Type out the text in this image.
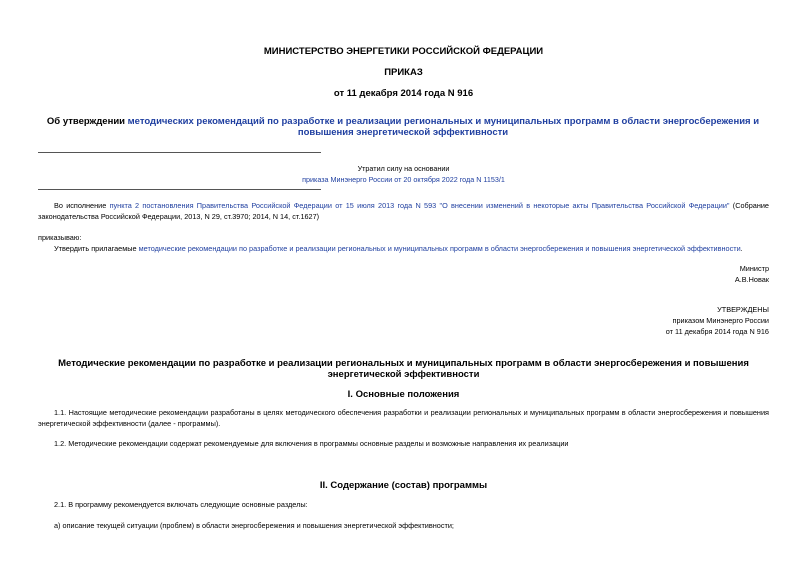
МИНИСТЕРСТВО ЭНЕРГЕТИКИ РОССИЙСКОЙ ФЕДЕРАЦИИ
ПРИКАЗ
от 11 декабря 2014 года N 916
Об утверждении методических рекомендаций по разработке и реализации региональных и муниципальных программ в области энергосбережения и повышения энергетической эффективности
Утратил силу на основании
приказа Минэнерго России от 20 октября 2022 года N 1153/1
Во исполнение пункта 2 постановления Правительства Российской Федерации от 15 июля 2013 года N 593 "О внесении изменений в некоторые акты Правительства Российской Федерации" (Собрание законодательства Российской Федерации, 2013, N 29, ст.3970; 2014, N 14, ст.1627)
приказываю:
Утвердить прилагаемые методические рекомендации по разработке и реализации региональных и муниципальных программ в области энергосбережения и повышения энергетической эффективности.
Министр
А.В.Новак
УТВЕРЖДЕНЫ
приказом Минэнерго России
от 11 декабря 2014 года N 916
Методические рекомендации по разработке и реализации региональных и муниципальных программ в области энергосбережения и повышения энергетической эффективности
I. Основные положения
1.1. Настоящие методические рекомендации разработаны в целях методического обеспечения разработки и реализации региональных и муниципальных программ в области энергосбережения и повышения энергетической эффективности (далее - программы).
1.2. Методические рекомендации содержат рекомендуемые для включения в программы основные разделы и возможные направления их реализации
II. Содержание (состав) программы
2.1. В программу рекомендуется включать следующие основные разделы:
а) описание текущей ситуации (проблем) в области энергосбережения и повышения энергетической эффективности;
